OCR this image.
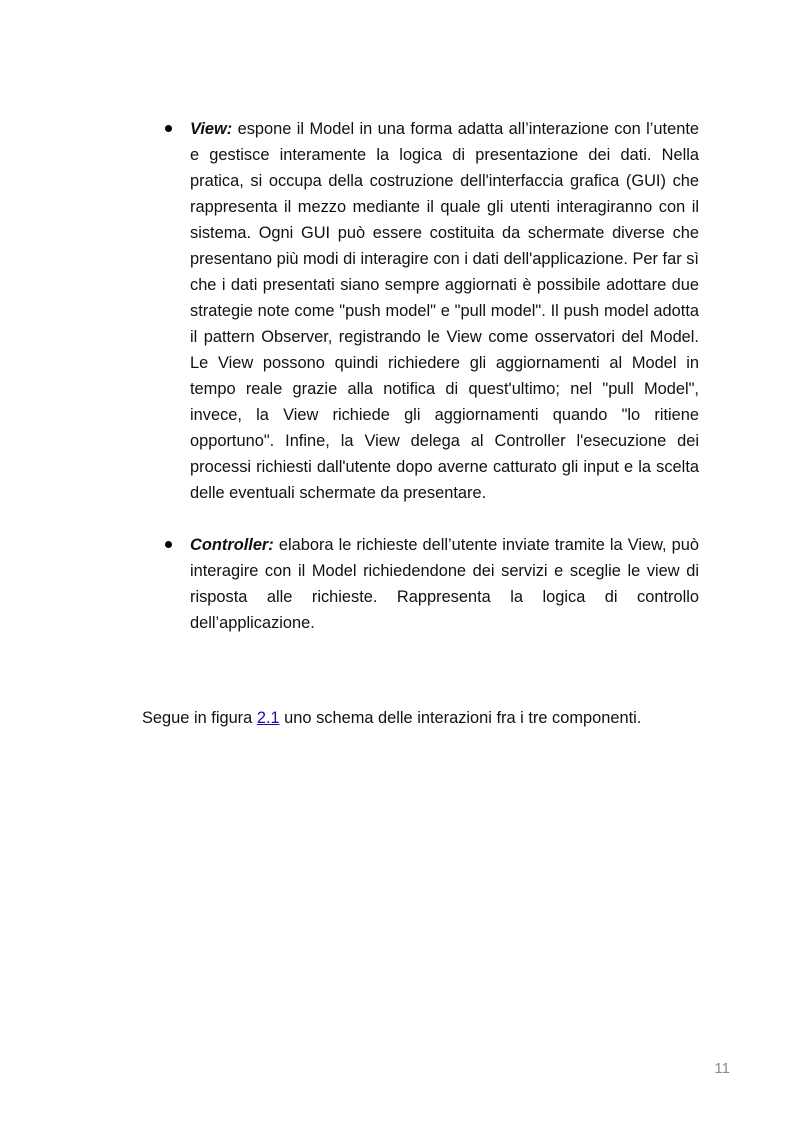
View: espone il Model in una forma adatta all’interazione con l’utente e gestisce interamente la logica di presentazione dei dati. Nella pratica, si occupa della costruzione dell'interfaccia grafica (GUI) che rappresenta il mezzo mediante il quale gli utenti interagiranno con il sistema. Ogni GUI può essere costituita da schermate diverse che presentano più modi di interagire con i dati dell'applicazione. Per far sì che i dati presentati siano sempre aggiornati è possibile adottare due strategie note come "push model" e "pull model". Il push model adotta il pattern Observer, registrando le View come osservatori del Model. Le View possono quindi richiedere gli aggiornamenti al Model in tempo reale grazie alla notifica di quest'ultimo; nel "pull Model", invece, la View richiede gli aggiornamenti quando "lo ritiene opportuno". Infine, la View delega al Controller l'esecuzione dei processi richiesti dall'utente dopo averne catturato gli input e la scelta delle eventuali schermate da presentare.
Controller: elabora le richieste dell’utente inviate tramite la View, può interagire con il Model richiedendone dei servizi e sceglie le view di risposta alle richieste. Rappresenta la logica di controllo dell’applicazione.

Segue in figura 2.1 uno schema delle interazioni fra i tre componenti.

11
